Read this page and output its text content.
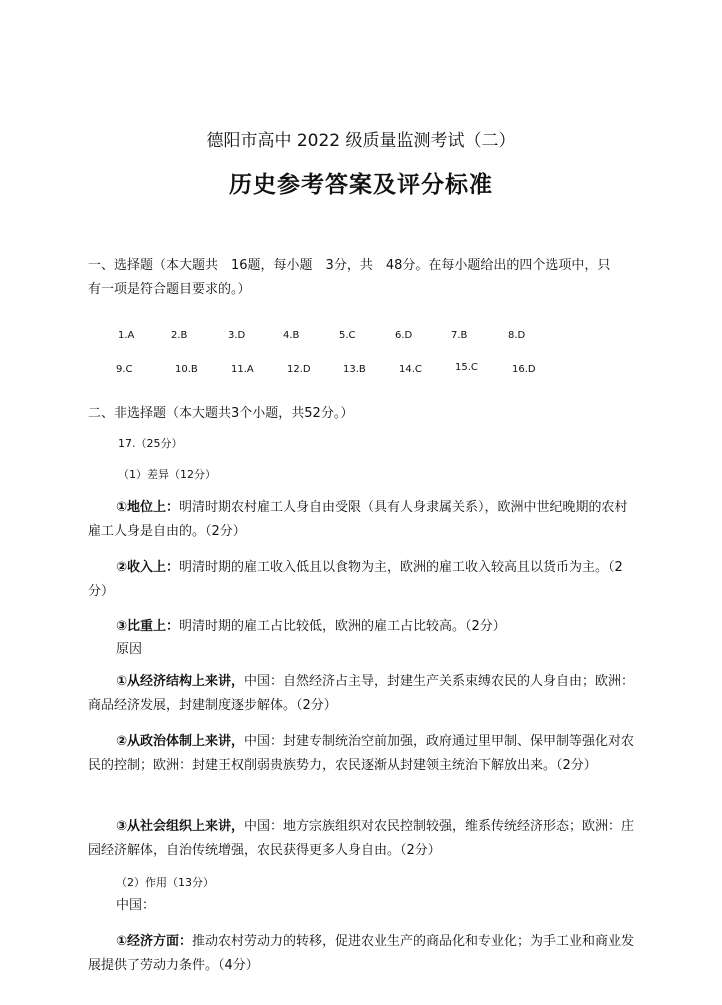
德阳市高中 2022 级质量监测考试（二）
历史参考答案及评分标准
一、选择题（本大题共　16题，每小题　3分，共　48分。在每小题给出的四个选项中，只
有一项是符合题目要求的。）
1.A	2.B	3.D	4.B	5.C	6.D	7.B	8.D
9.C	10.B	11.A	12.D	13.B	14.C	15.C	16.D
二、非选择题（本大题共3个小题，共52分。）
17.（25分）
（1）差异（12分）
①地位上：明清时期农村雇工人身自由受限（具有人身隶属关系），欧洲中世纪晚期的农村雇工人身是自由的。（2分）
②收入上：明清时期的雇工收入低且以食物为主，欧洲的雇工收入较高且以货币为主。（2分）
③比重上：明清时期的雇工占比较低，欧洲的雇工占比较高。（2分）
原因
①从经济结构上来讲，中国：自然经济占主导，封建生产关系束缚农民的人身自由；欧洲：商品经济发展，封建制度逐步解体。（2分）
②从政治体制上来讲，中国：封建专制统治空前加强，政府通过里甲制、保甲制等强化对农民的控制；欧洲：封建王权削弱贵族势力，农民逐渐从封建领主统治下解放出来。（2分）
③从社会组织上来讲，中国：地方宗族组织对农民控制较强，维系传统经济形态；欧洲：庄园经济解体，自治传统增强，农民获得更多人身自由。（2分）
（2）作用（13分）
中国：
①经济方面：推动农村劳动力的转移，促进农业生产的商品化和专业化；为手工业和商业发展提供了劳动力条件。（4分）
